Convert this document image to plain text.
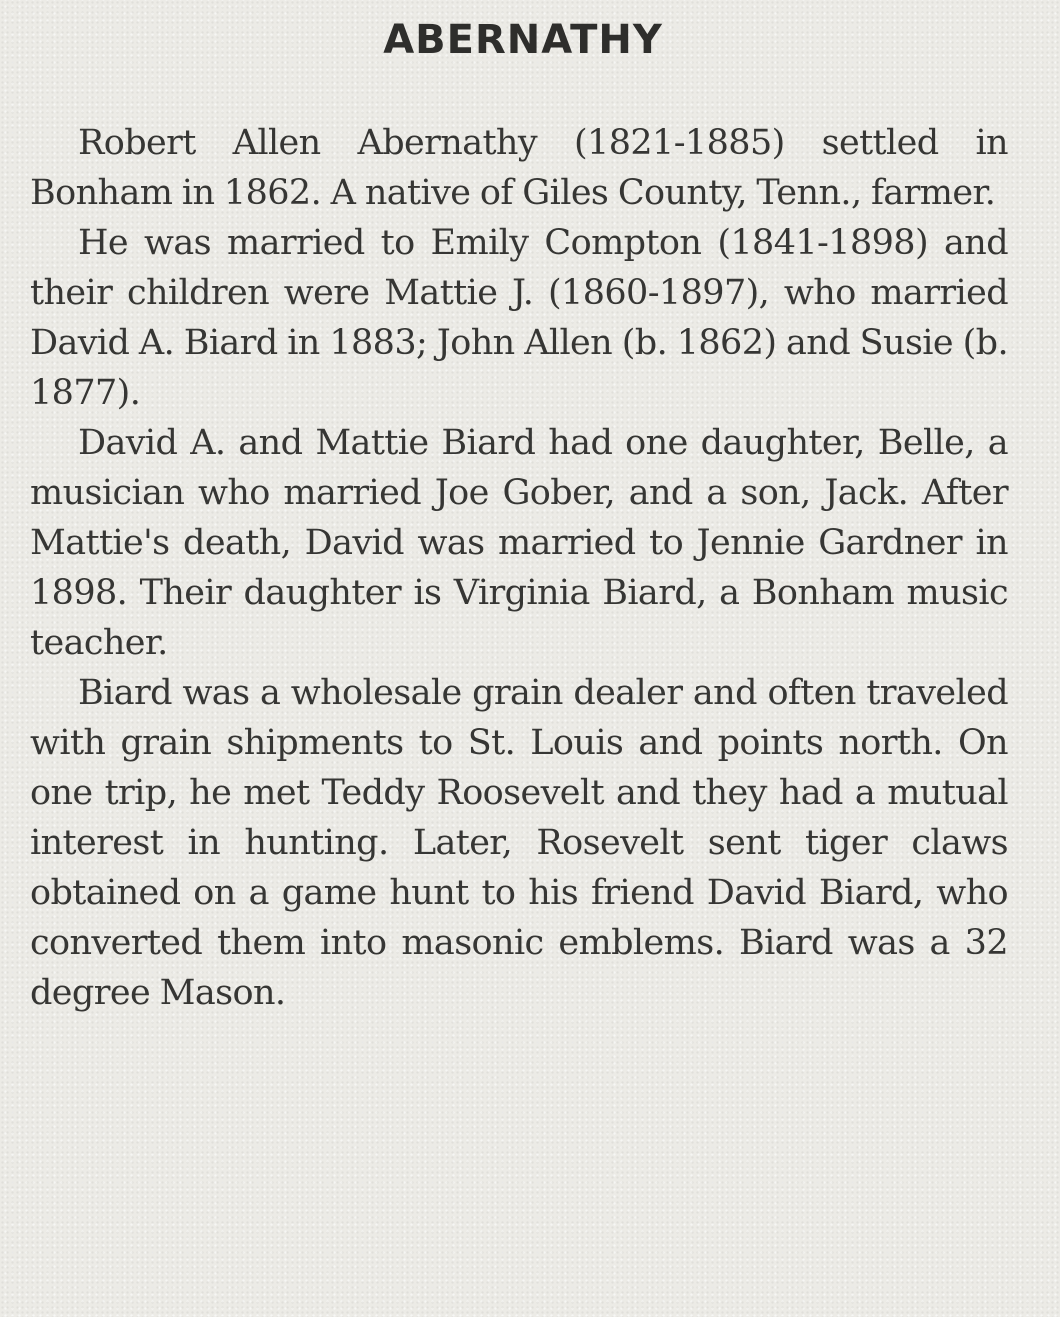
ABERNATHY

Robert Allen Abernathy (1821-1885) settled in Bonham in 1862. A native of Giles County, Tenn., farmer.

He was married to Emily Compton (1841-1898) and their children were Mattie J. (1860-1897), who married David A. Biard in 1883; John Allen (b. 1862) and Susie (b. 1877).

David A. and Mattie Biard had one daughter, Belle, a musician who married Joe Gober, and a son, Jack. After Mattie's death, David was married to Jennie Gardner in 1898. Their daughter is Virginia Biard, a Bonham music teacher.

Biard was a wholesale grain dealer and often traveled with grain shipments to St. Louis and points north. On one trip, he met Teddy Roosevelt and they had a mutual interest in hunting. Later, Rosevelt sent tiger claws obtained on a game hunt to his friend David Biard, who converted them into masonic emblems. Biard was a 32 degree Mason.
